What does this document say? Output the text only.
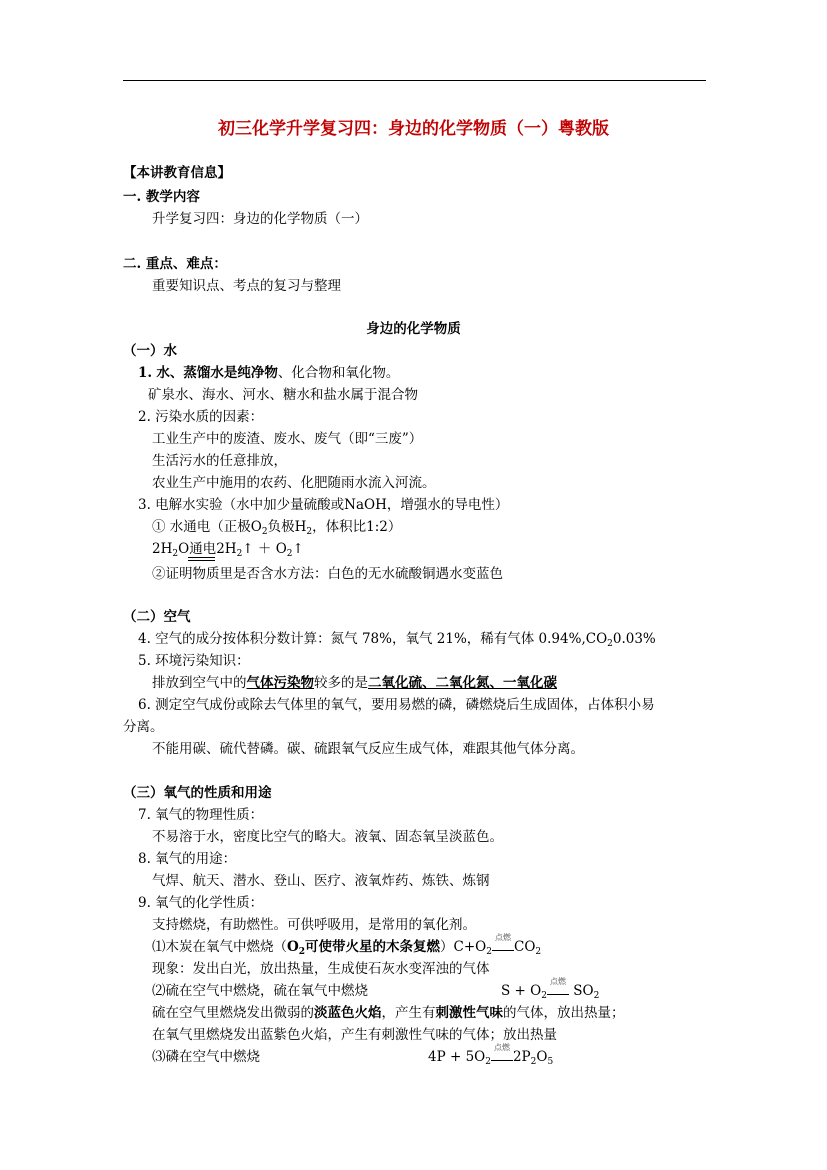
初三化学升学复习四：身边的化学物质（一）粤教版
【本讲教育信息】
一. 教学内容
升学复习四：身边的化学物质（一）
二. 重点、难点：
重要知识点、考点的复习与整理
身边的化学物质
（一）水
1. 水、蒸馏水是纯净物、化合物和氧化物。
矿泉水、海水、河水、糖水和盐水属于混合物
2. 污染水质的因素：
工业生产中的废渣、废水、废气（即“三废”）
生活污水的任意排放，
农业生产中施用的农药、化肥随雨水流入河流。
3. 电解水实验（水中加少量硫酸或NaOH，增强水的导电性）
① 水通电（正极$O_2$负极$H_2$，体积比1:2）
$2H_2O$通电$2H_2↑$ ＋ $O_2↑$
②证明物质里是否含水方法：白色的无水硫酸铜遇水变蓝色
（二）空气
4. 空气的成分按体积分数计算：氮气 78%，氧气 21%，稀有气体 $0.94\%,CO_20.03\%$
5. 环境污染知识：
排放到空气中的气体污染物较多的是二氧化硫、二氧化氮、一氧化碳
6. 测定空气成份或除去气体里的氧气，要用易燃的磷，磷燃烧后生成固体，占体积小易
分离。
不能用碳、硫代替磷。碳、硫跟氧气反应生成气体，难跟其他气体分离。
（三）氧气的性质和用途
7. 氧气的物理性质：
不易溶于水，密度比空气的略大。液氧、固态氧呈淡蓝色。
8. 氧气的用途：
气焊、航天、潜水、登山、医疗、液氧炸药、炼铁、炼钢
9. 氧气的化学性质：
支持燃烧，有助燃性。可供呼吸用，是常用的氧化剂。
⑴木炭在氧气中燃烧（$O_2$可使带火星的木条复燃）$C+O_2$
点燃
$CO_2$
现象：发出白光，放出热量，生成使石灰水变浑浊的气体
⑵硫在空气中燃烧，硫在氧气中燃烧	$S + O_2$
点燃
$SO_2$
硫在空气里燃烧发出微弱的淡蓝色火焰，产生有刺激性气味的气体，放出热量；
在氧气里燃烧发出蓝紫色火焰，产生有刺激性气味的气体；放出热量
⑶磷在空气中燃烧	$4P + 5O_2$
点燃
$2P_2O_5$
